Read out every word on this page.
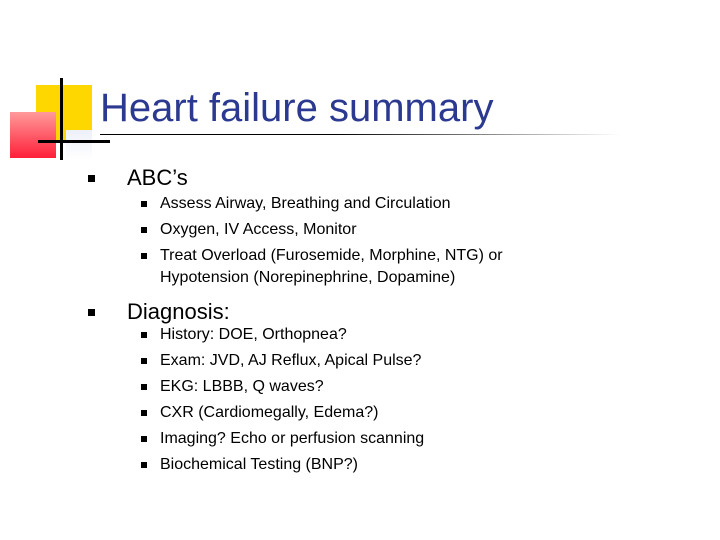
Heart failure summary
ABC’s
Assess Airway, Breathing and Circulation
Oxygen, IV Access, Monitor
Treat Overload (Furosemide, Morphine, NTG) or
Hypotension (Norepinephrine, Dopamine)
Diagnosis:
History: DOE, Orthopnea?
Exam: JVD, AJ Reflux, Apical Pulse?
EKG: LBBB, Q waves?
CXR (Cardiomegally, Edema?)
Imaging? Echo or perfusion scanning
Biochemical Testing (BNP?)
